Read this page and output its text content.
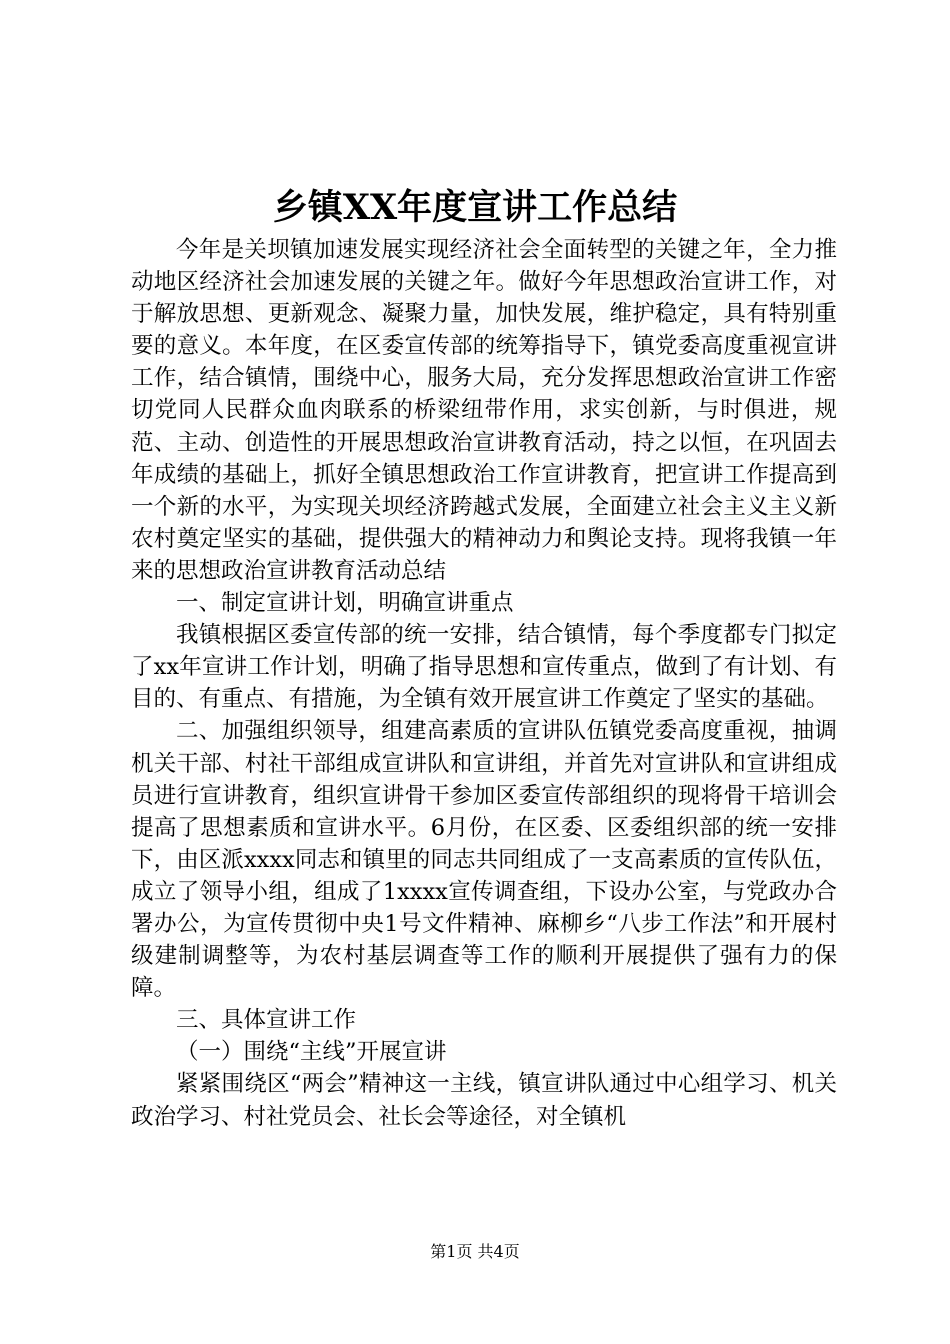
乡镇XX年度宣讲工作总结

今年是关坝镇加速发展实现经济社会全面转型的关键之年，全力推动地区经济社会加速发展的关键之年。做好今年思想政治宣讲工作，对于解放思想、更新观念、凝聚力量，加快发展，维护稳定，具有特别重要的意义。本年度，在区委宣传部的统筹指导下，镇党委高度重视宣讲工作，结合镇情，围绕中心，服务大局，充分发挥思想政治宣讲工作密切党同人民群众血肉联系的桥梁纽带作用，求实创新，与时俱进，规范、主动、创造性的开展思想政治宣讲教育活动，持之以恒，在巩固去年成绩的基础上，抓好全镇思想政治工作宣讲教育，把宣讲工作提高到一个新的水平，为实现关坝经济跨越式发展，全面建立社会主义主义新农村奠定坚实的基础，提供强大的精神动力和舆论支持。现将我镇一年来的思想政治宣讲教育活动总结

一、制定宣讲计划，明确宣讲重点

我镇根据区委宣传部的统一安排，结合镇情，每个季度都专门拟定了xx年宣讲工作计划，明确了指导思想和宣传重点，做到了有计划、有目的、有重点、有措施，为全镇有效开展宣讲工作奠定了坚实的基础。

二、加强组织领导，组建高素质的宣讲队伍镇党委高度重视，抽调机关干部、村社干部组成宣讲队和宣讲组，并首先对宣讲队和宣讲组成员进行宣讲教育，组织宣讲骨干参加区委宣传部组织的现将骨干培训会提高了思想素质和宣讲水平。6月份，在区委、区委组织部的统一安排下，由区派xxxx同志和镇里的同志共同组成了一支高素质的宣传队伍，成立了领导小组，组成了1xxxx宣传调查组，下设办公室，与党政办合署办公，为宣传贯彻中央1号文件精神、麻柳乡“八步工作法”和开展村级建制调整等，为农村基层调查等工作的顺利开展提供了强有力的保障。

三、具体宣讲工作

（一）围绕“主线”开展宣讲

紧紧围绕区“两会”精神这一主线，镇宣讲队通过中心组学习、机关政治学习、村社党员会、社长会等途径，对全镇机

第1页 共4页
